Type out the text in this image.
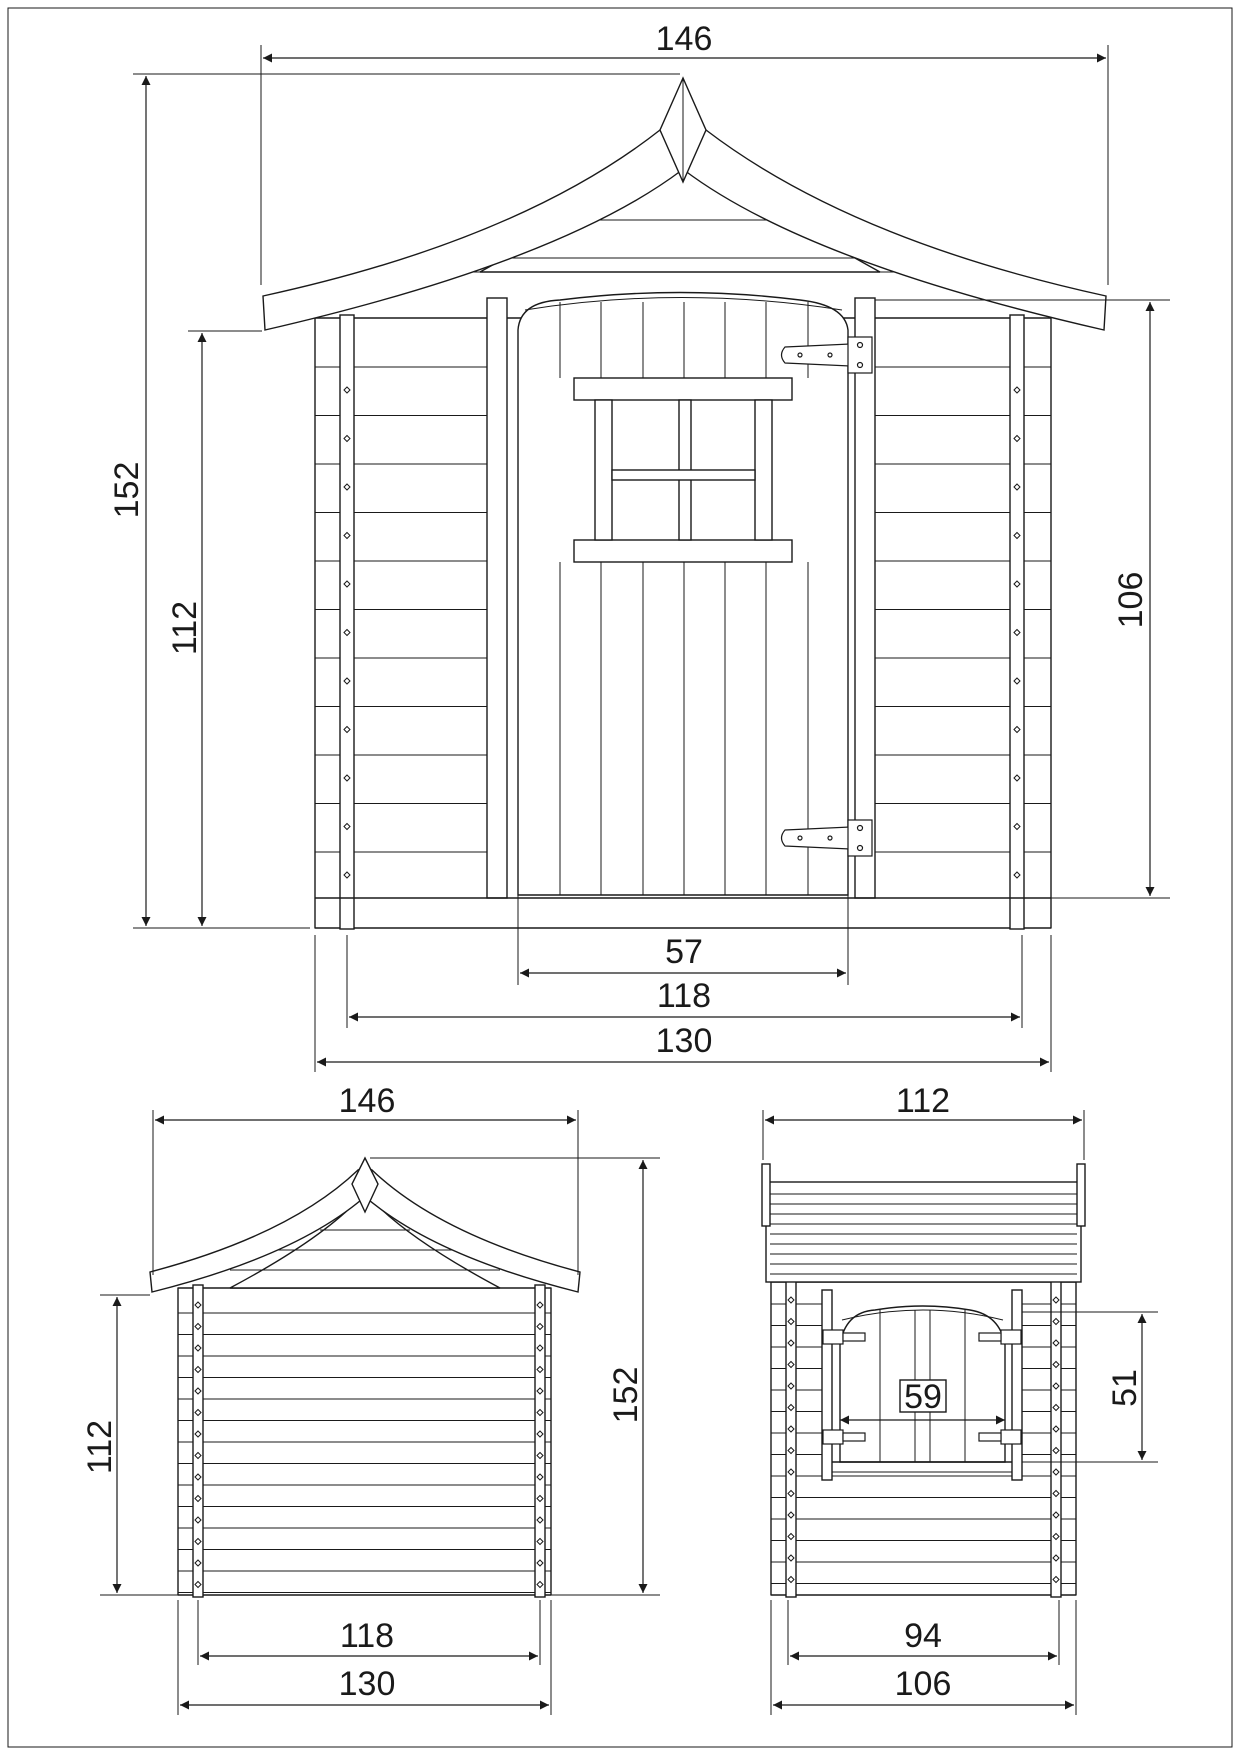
146
152
112	106
57
118
130
146
152
112
118
130
112
51
59
94
106
